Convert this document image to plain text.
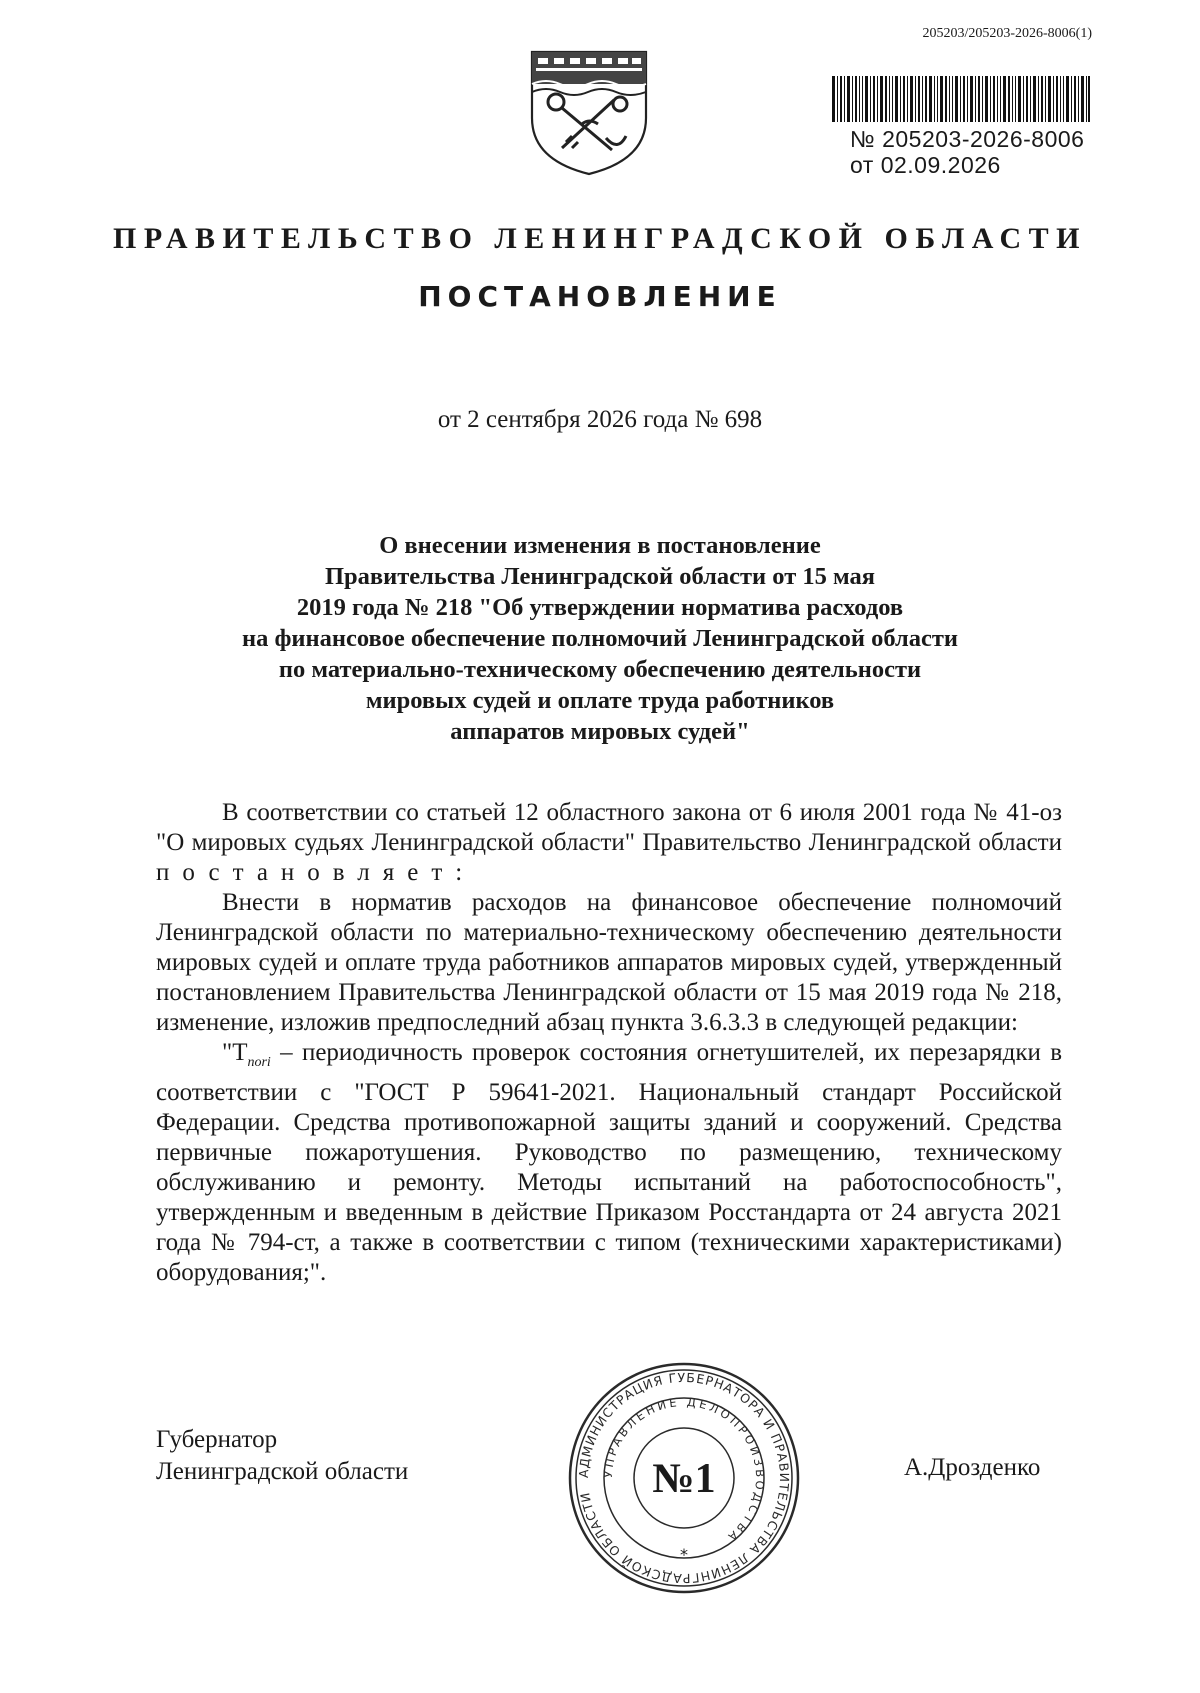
205203/205203-2026-8006(1)
№ 205203-2026-8006
от 02.09.2026
ПРАВИТЕЛЬСТВО ЛЕНИНГРАДСКОЙ ОБЛАСТИ
ПОСТАНОВЛЕНИЕ
от 2 сентября 2026 года № 698
О внесении изменения в постановление
Правительства Ленинградской области от 15 мая
2019 года № 218 "Об утверждении норматива расходов
на финансовое обеспечение полномочий Ленинградской области
по материально-техническому обеспечению деятельности
мировых судей и оплате труда работников
аппаратов мировых судей"

В соответствии со статьей 12 областного закона от 6 июля 2001 года № 41-оз "О мировых судьях Ленинградской области" Правительство Ленинградской области постановляет:

Внести в норматив расходов на финансовое обеспечение полномочий Ленинградской области по материально-техническому обеспечению деятельности мировых судей и оплате труда работников аппаратов мировых судей, утвержденный постановлением Правительства Ленинградской области от 15 мая 2019 года № 218, изменение, изложив предпоследний абзац пункта 3.6.3.3 в следующей редакции:

"$T_{norі}$ – периодичность проверок состояния огнетушителей, их перезарядки в соответствии с "ГОСТ Р 59641-2021. Национальный стандарт Российской Федерации. Средства противопожарной защиты зданий и сооружений. Средства первичные пожаротушения. Руководство по размещению, техническому обслуживанию и ремонту. Методы испытаний на работоспособность", утвержденным и введенным в действие Приказом Росстандарта от 24 августа 2021 года № 794-ст, а также в соответствии с типом (техническими характеристиками) оборудования;".

Губернатор
Ленинградской области	А.Дрозденко
АДМИНИСТРАЦИЯ ГУБЕРНАТОРА И ПРАВИТЕЛЬСТВА ЛЕНИНГРАДСКОЙ ОБЛАСТИ
УПРАВЛЕНИЕ ДЕЛОПРОИЗВОДСТВА
№1
*
